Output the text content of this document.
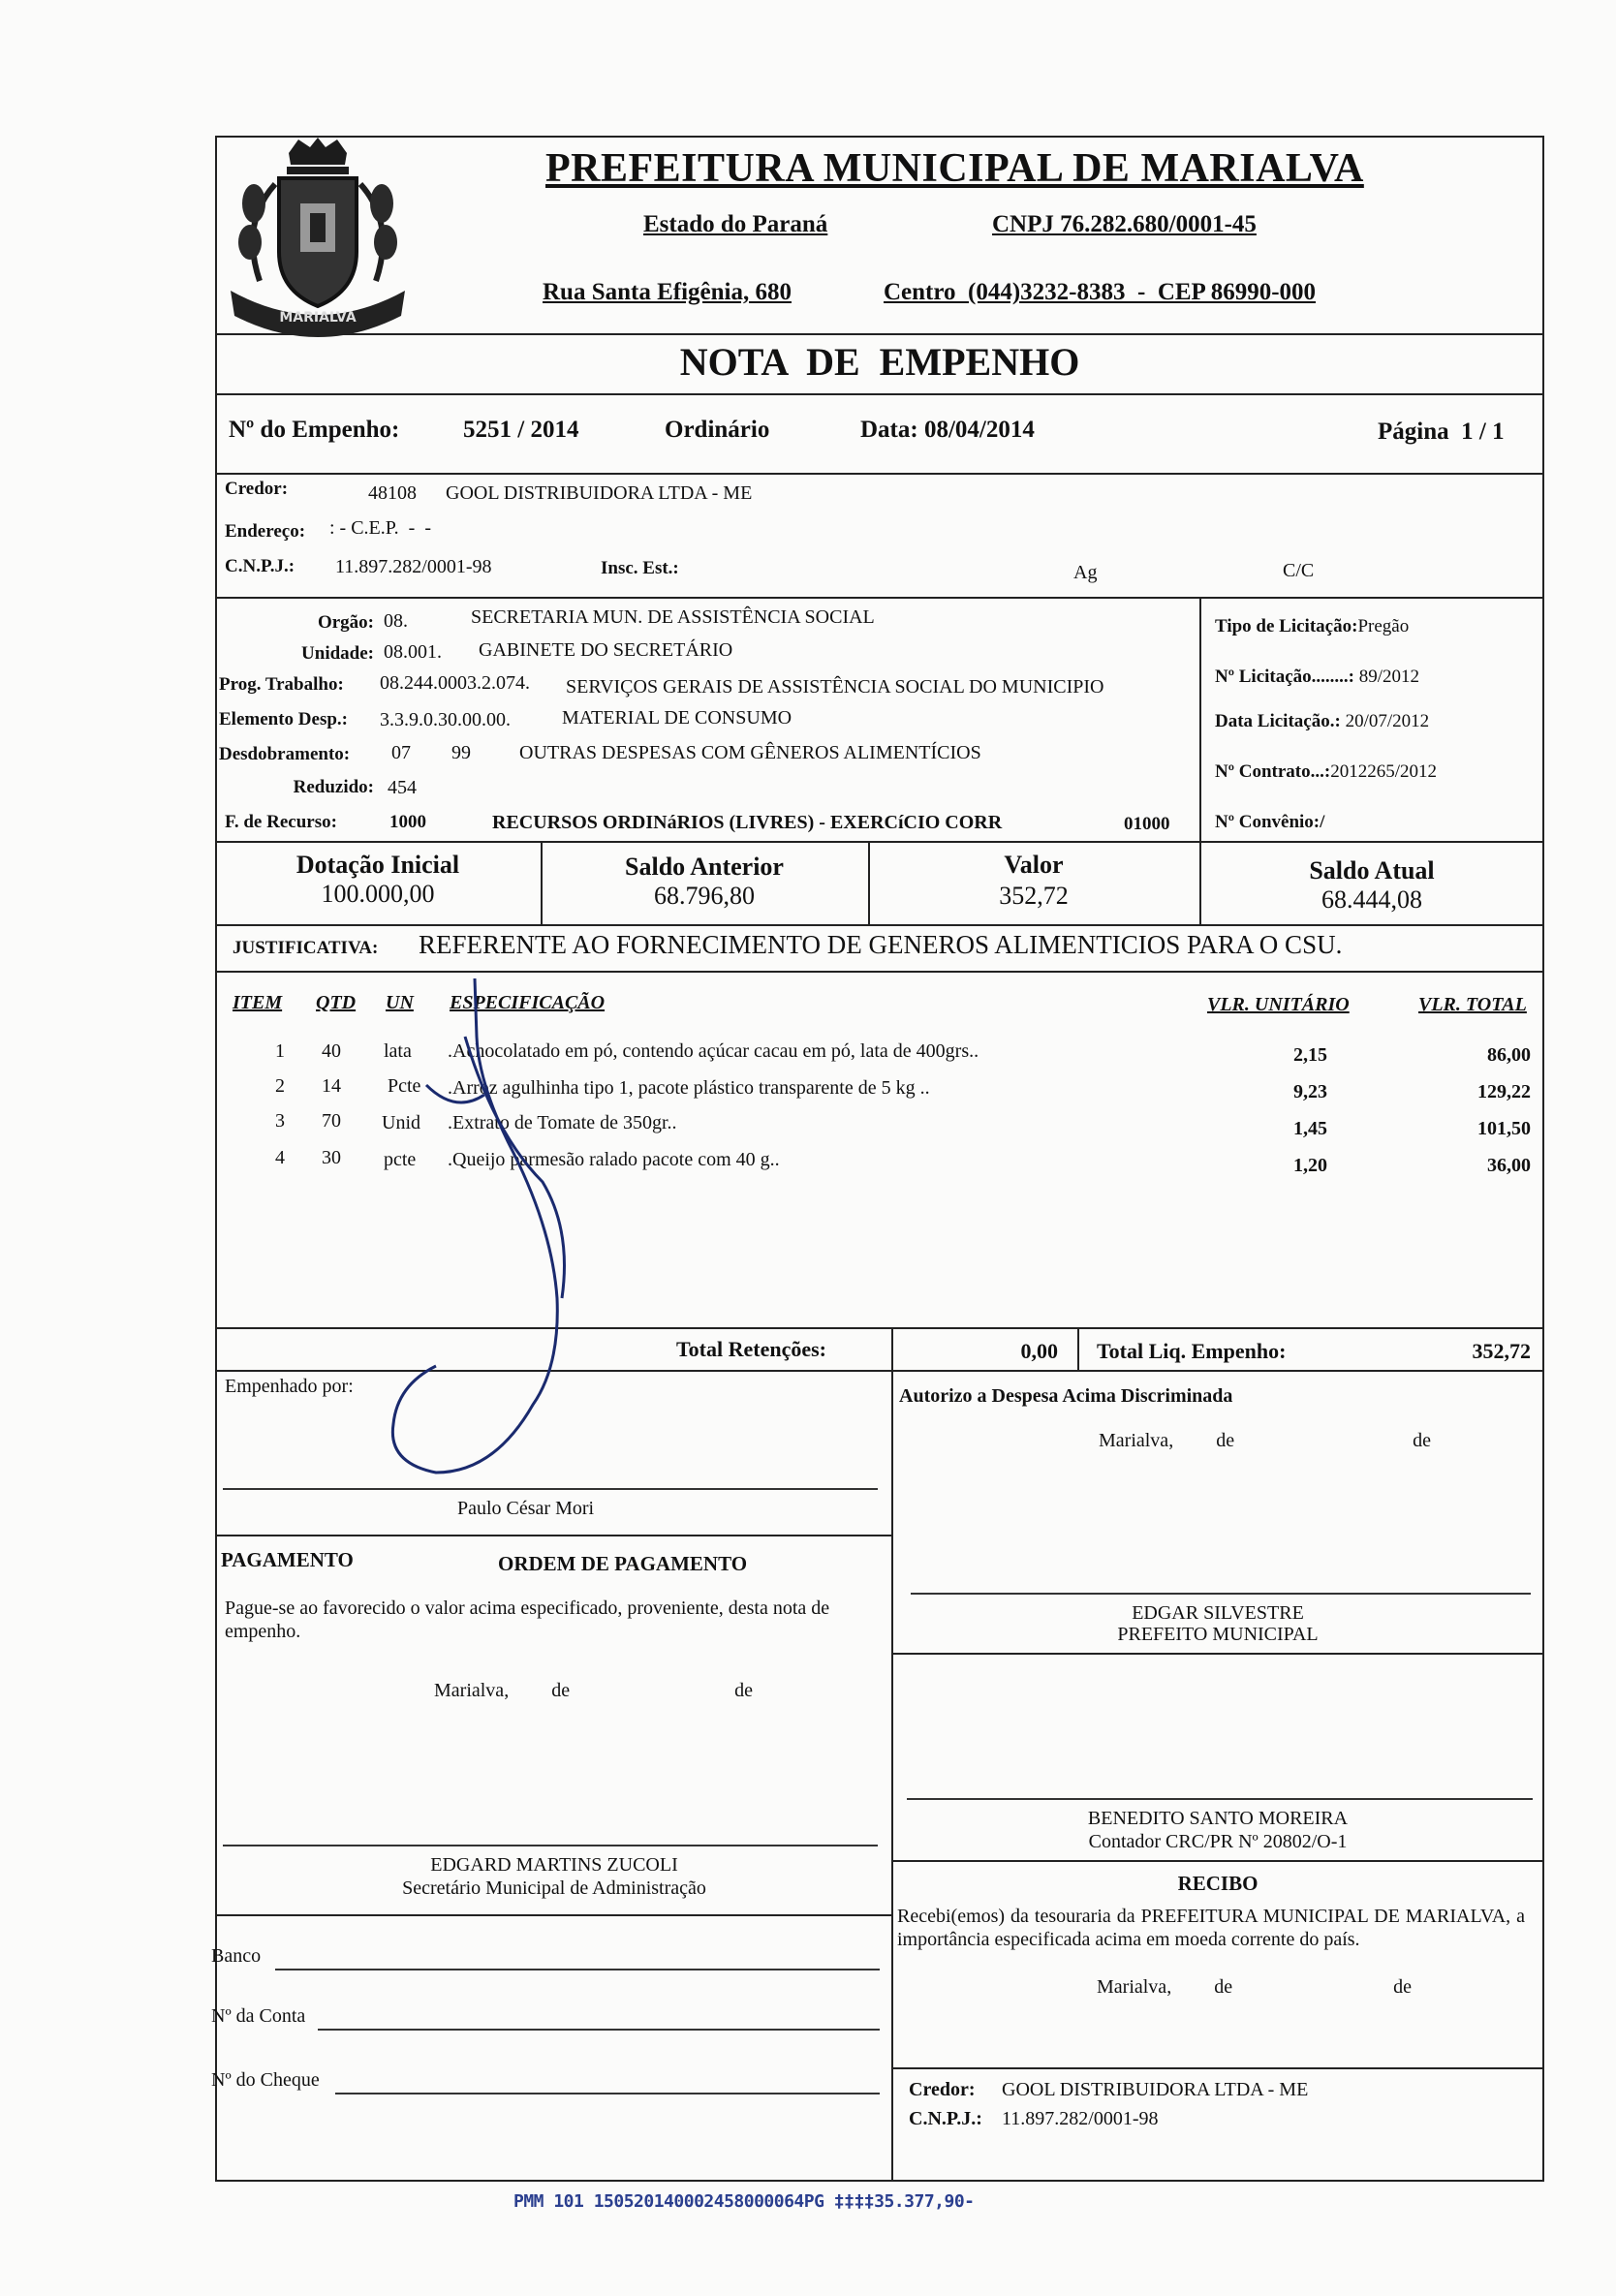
MARIALVA
PREFEITURA MUNICIPAL DE MARIALVA
Estado do Paraná	CNPJ 76.282.680/0001-45
Rua Santa Efigênia, 680	Centro  (044)3232-8383  -  CEP 86990-000
NOTA  DE  EMPENHO
Nº do Empenho:	5251 / 2014	Ordinário	Data: 08/04/2014	Página  1 / 1
Credor:	48108 GOOL DISTRIBUIDORA LTDA - ME
Endereço: : - C.E.P.  -  -
C.N.P.J.: 11.897.282/0001-98	Insc. Est.:	Ag	C/C
Orgão: 08.	SECRETARIA MUN. DE ASSISTÊNCIA SOCIAL
Unidade: 08.001. GABINETE DO SECRETÁRIO
Prog. Trabalho: 08.244.0003.2.074. SERVIÇOS GERAIS DE ASSISTÊNCIA SOCIAL DO MUNICIPIO
Elemento Desp.: 3.3.9.0.30.00.00.	MATERIAL DE CONSUMO
Desdobramento: 07 99	OUTRAS DESPESAS COM GÊNEROS ALIMENTÍCIOS
Reduzido: 454
F. de Recurso:	1000	RECURSOS ORDINáRIOS (LIVRES) - EXERCíCIO CORR	01000
Tipo de Licitação:Pregão
Nº Licitação........: 89/2012
Data Licitação.: 20/07/2012
Nº Contrato...:2012265/2012
Nº Convênio:/
Dotação Inicial
100.000,00
Saldo Anterior
68.796,80
Valor
352,72
Saldo Atual
68.444,08
JUSTIFICATIVA: REFERENTE AO FORNECIMENTO DE GENEROS ALIMENTICIOS PARA O CSU.
ITEM QTD UN ESPECIFICAÇÃO	VLR. UNITÁRIO	VLR. TOTAL
1 40 lata .Achocolatado em pó, contendo açúcar cacau em pó, lata de 400grs..	2,15	86,00
2 14 Pcte .Arroz agulhinha tipo 1, pacote plástico transparente de 5 kg ..	9,23	129,22
3 70 Unid .Extrato de Tomate de 350gr..	1,45	101,50
4 30 pcte .Queijo parmesão ralado pacote com 40 g..	1,20	36,00
Total Retenções:	0,00 Total Liq. Empenho:	352,72
Empenhado por:
Paulo César Mori
Autorizo a Despesa Acima Discriminada
Marialva, de	de
PAGAMENTO	ORDEM DE PAGAMENTO
Pague-se ao favorecido o valor acima especificado, proveniente, desta nota de empenho.
Marialva, de	de
EDGAR SILVESTRE
PREFEITO MUNICIPAL
BENEDITO SANTO MOREIRA
Contador CRC/PR Nº 20802/O-1
EDGARD MARTINS ZUCOLI
Secretário Municipal de Administração	RECIBO
Recebi(emos) da tesouraria da PREFEITURA MUNICIPAL DE MARIALVA, a importância especificada acima em moeda corrente do país.
Marialva, de	de
Banco
Nº da Conta
Nº do Cheque	Credor: GOOL DISTRIBUIDORA LTDA - ME
C.N.P.J.: 11.897.282/0001-98
PMM 101 150520140002458000064PG ‡‡‡‡35.377,90-
